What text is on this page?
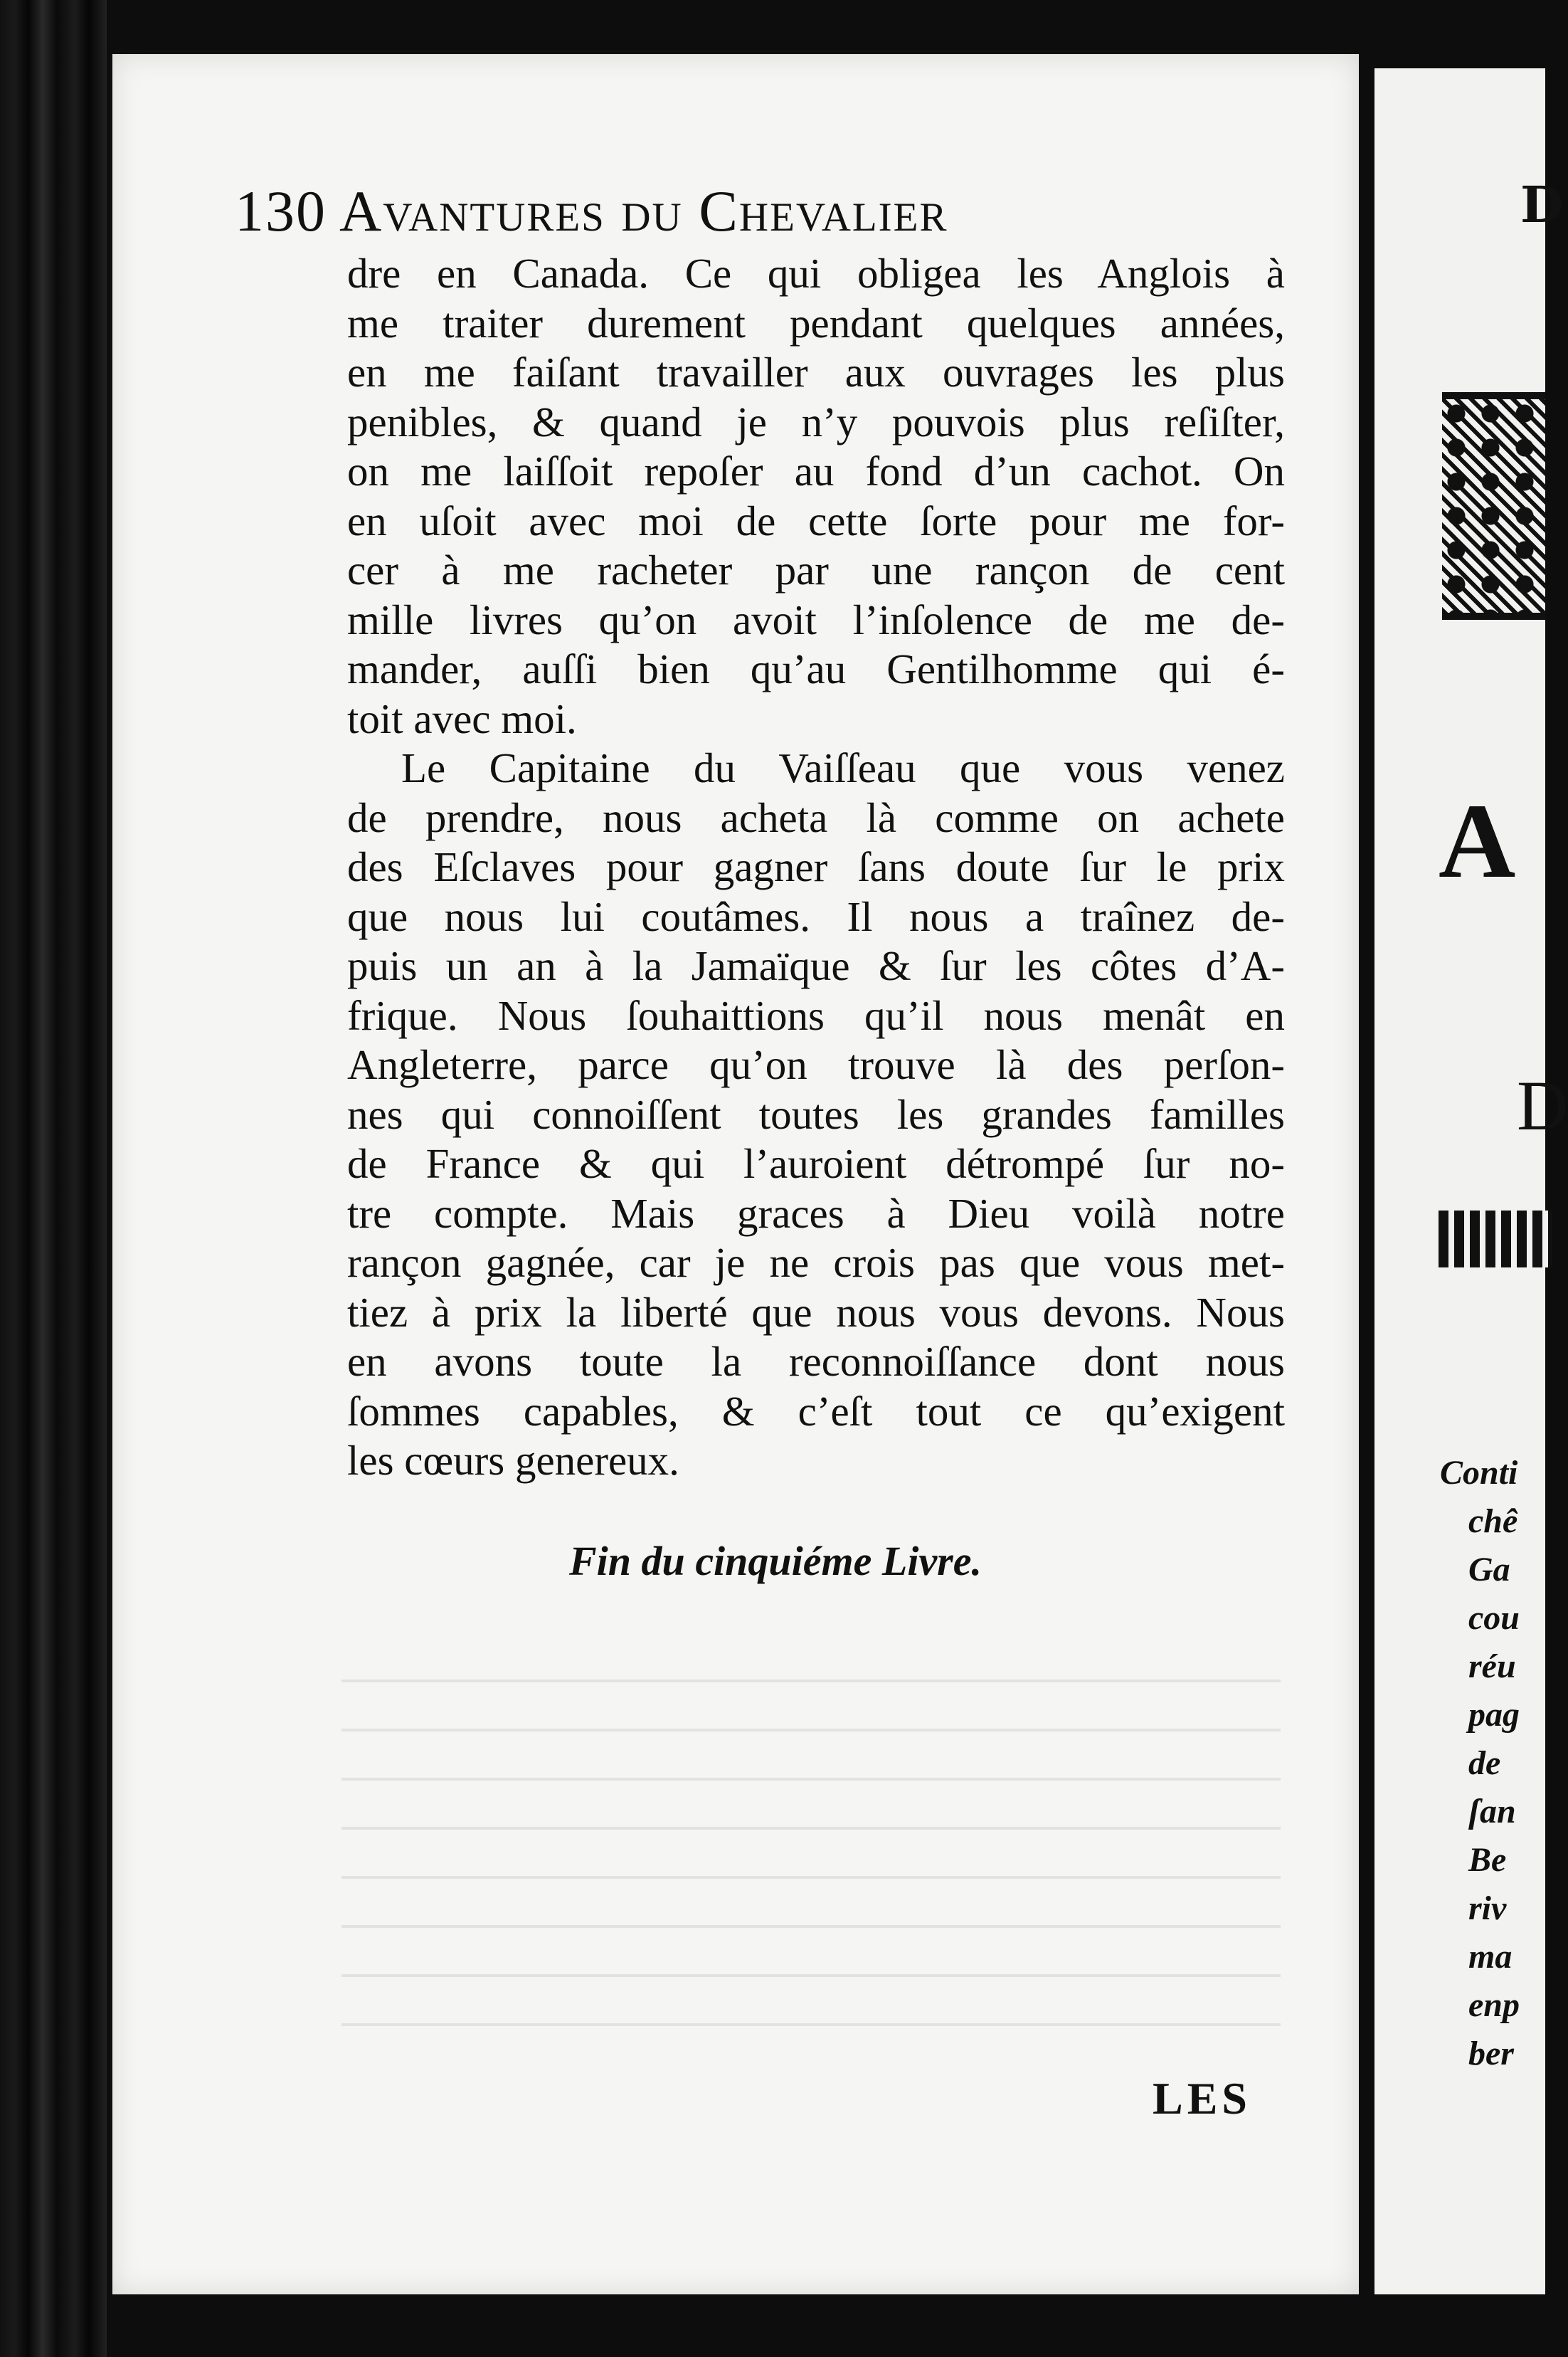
130 Avantures du Chevalier
dre en Canada. Ce qui obligea les Anglois à
me traiter durement pendant quelques années,
en me faiſant travailler aux ouvrages les plus
penibles, & quand je n’y pouvois plus reſiſter,
on me laiſſoit repoſer au fond d’un cachot. On
en uſoit avec moi de cette ſorte pour me for-
cer à me racheter par une rançon de cent
mille livres qu’on avoit l’inſolence de me de-
mander, auſſi bien qu’au Gentilhomme qui é-
toit avec moi.
Le Capitaine du Vaiſſeau que vous venez
de prendre, nous acheta là comme on achete
des Eſclaves pour gagner ſans doute ſur le prix
que nous lui coutâmes. Il nous a traînez de-
puis un an à la Jamaïque & ſur les côtes d’A-
frique. Nous ſouhaittions qu’il nous menât en
Angleterre, parce qu’on trouve là des perſon-
nes qui connoiſſent toutes les grandes familles
de France & qui l’auroient détrompé ſur no-
tre compte. Mais graces à Dieu voilà notre
rançon gagnée, car je ne crois pas que vous met-
tiez à prix la liberté que nous vous devons. Nous
en avons toute la reconnoiſſance dont nous
ſommes capables, & c’eſt tout ce qu’exigent
les cœurs genereux.
Fin du cinquiéme Livre.
LES
D
A
D
Conti
chê
Ga
cou
réu
pag
de
ſan
Be
riv
ma
enp
ber
